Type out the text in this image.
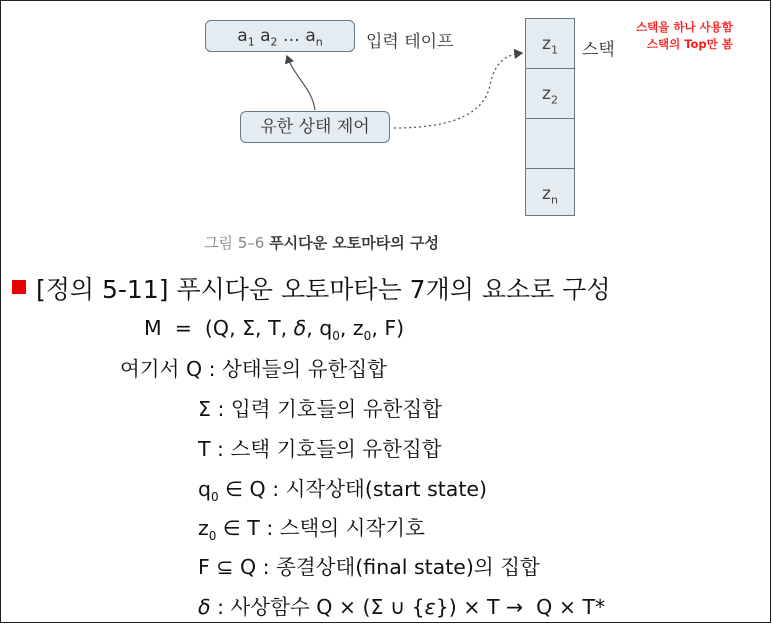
$a_1$ $a_2$ … $a_n$	입력 테이프
유한 상태 제어
$z_1$
$z_2$
$z_n$
스택
스택을 하나 사용함
스택의 Top만 봄
그림 5–6 푸시다운 오토마타의 구성
[정의 5-11] 푸시다운 오토마타는 7개의 요소로 구성
M  =  (Q, Σ, T, δ, $q_0$, $z_0$, F)
여기서 Q : 상태들의 유한집합
Σ : 입력 기호들의 유한집합
T : 스택 기호들의 유한집합
$q_0$ ∈ Q : 시작상태(start state)
$z_0$ ∈ T : 스택의 시작기호
F ⊆ Q : 종결상태(final state)의 집합
δ : 사상함수 Q × (Σ ∪ {ε}) × T →  Q × T*
